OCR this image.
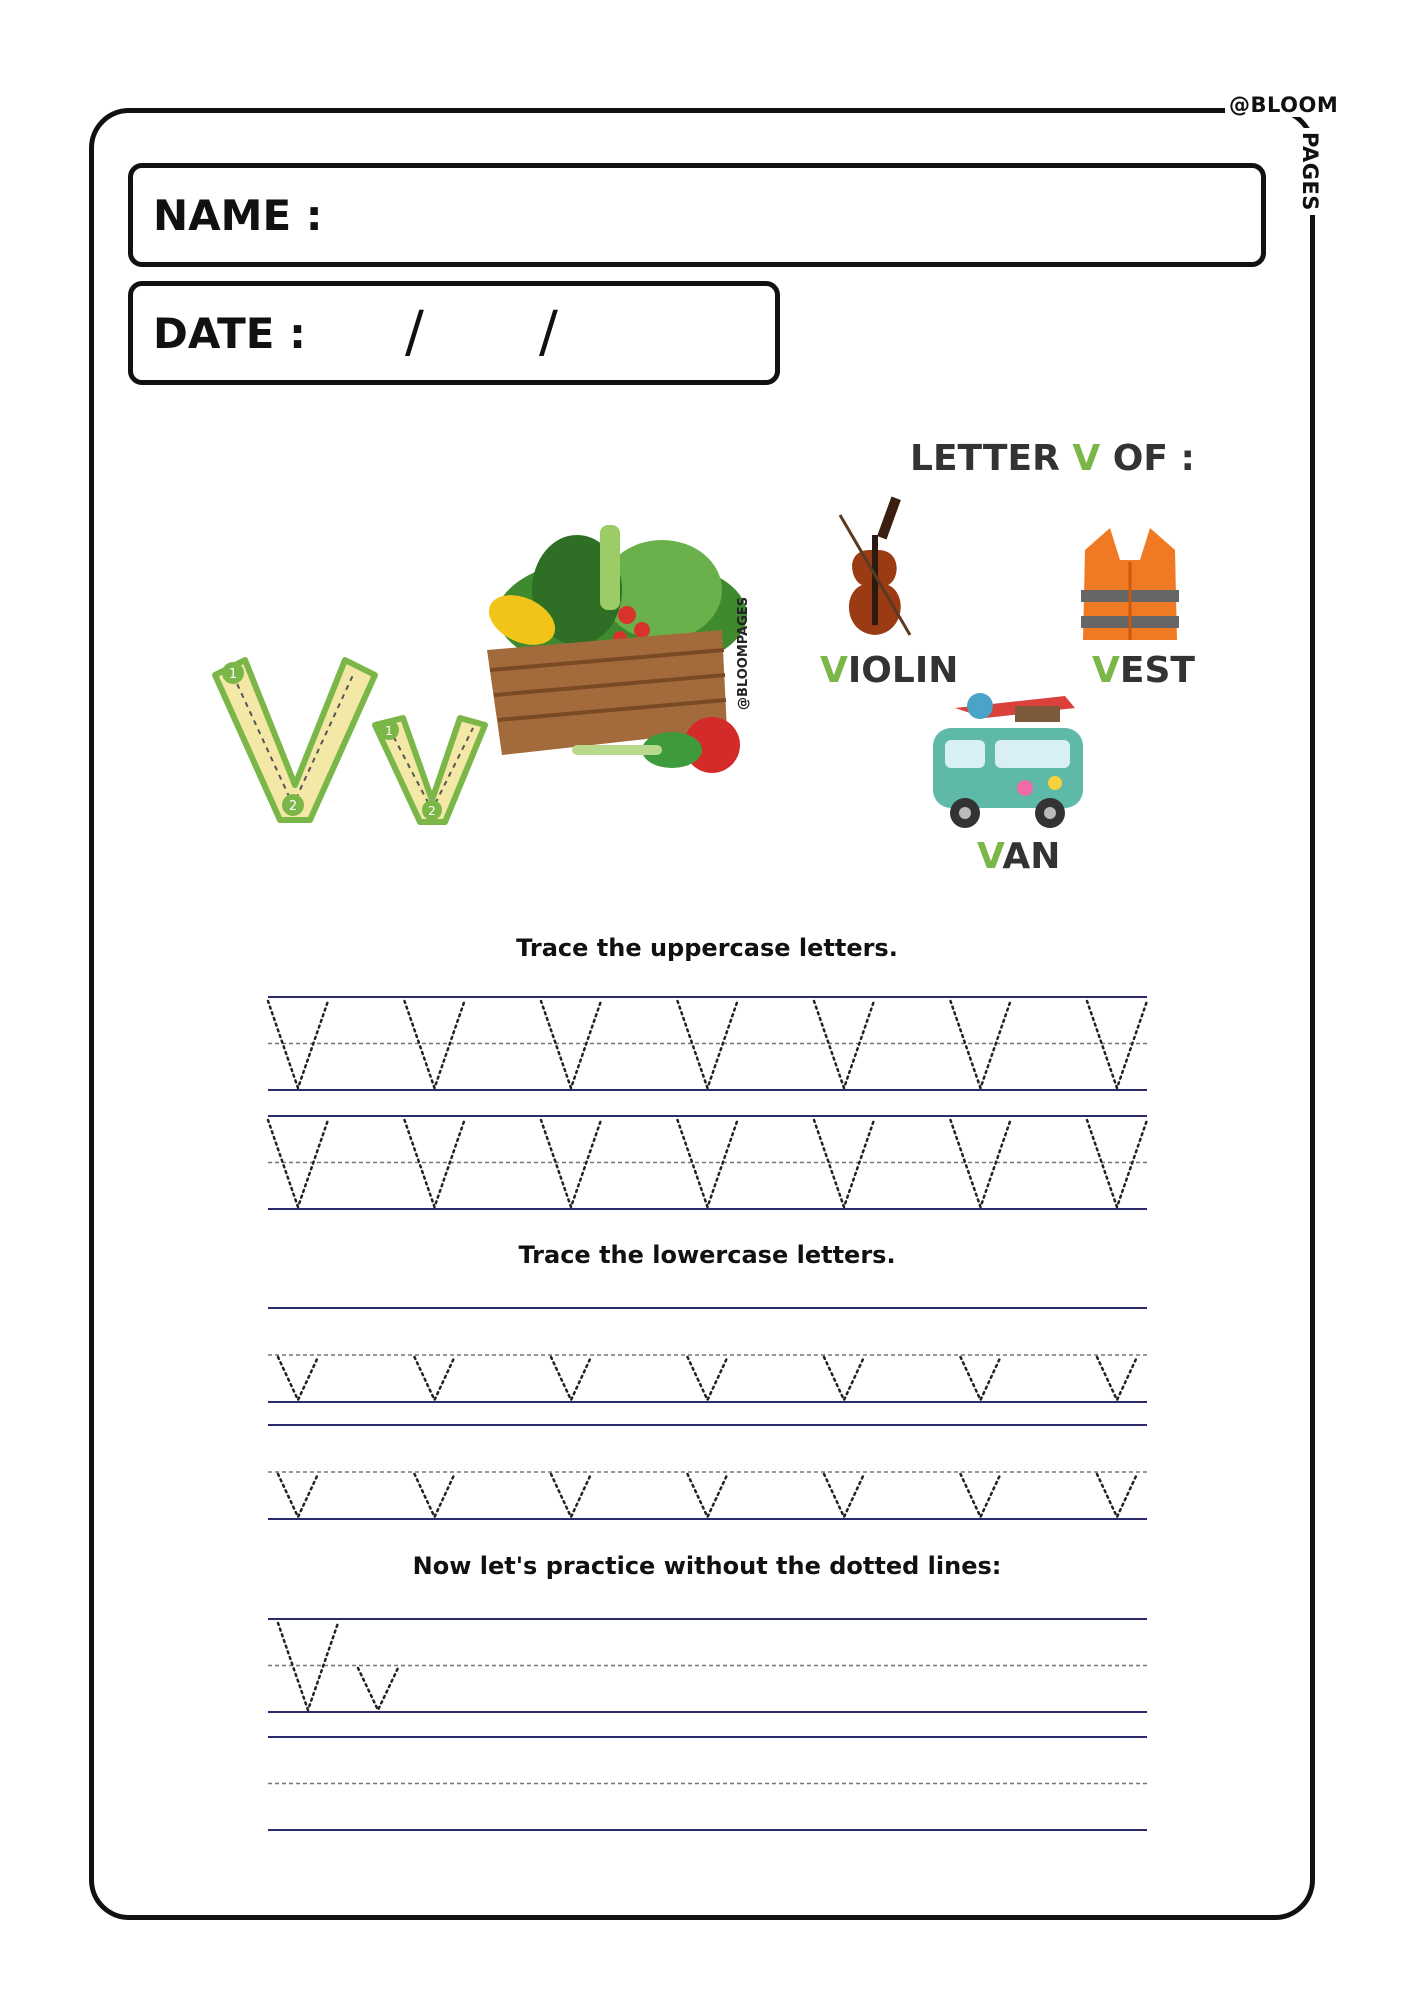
@BLOOM
PAGES
NAME :
DATE : / /
LETTER V OF :
1
2
1
2
@BLOOMPAGES VIOLIN	VEST
VAN
Trace the uppercase letters.
Trace the lowercase letters.
Now let's practice without the dotted lines:
